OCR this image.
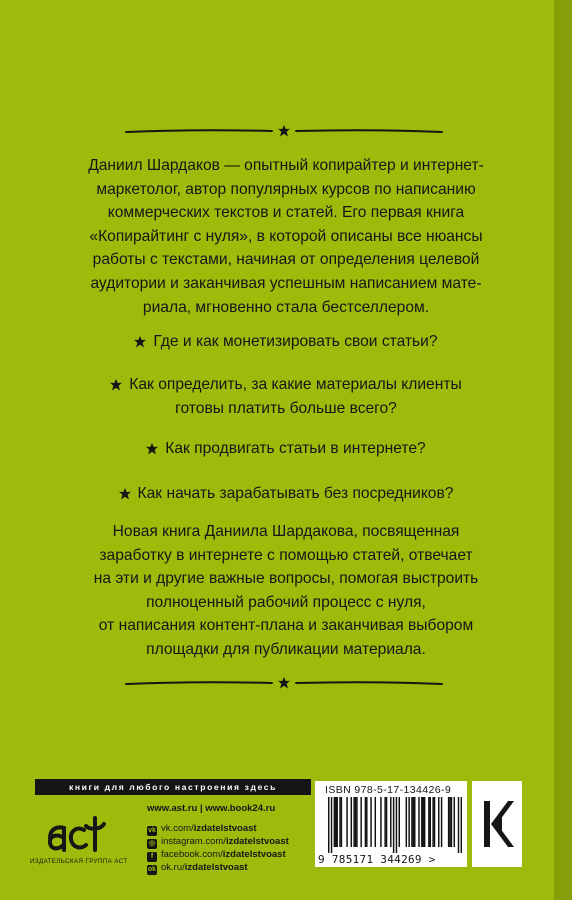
Даниил Шардаков — опытный копирайтер и интернет-
маркетолог, автор популярных курсов по написанию
коммерческих текстов и статей. Его первая книга
«Копирайтинг с нуля», в которой описаны все нюансы
работы с текстами, начиная от определения целевой
аудитории и заканчивая успешным написанием мате-
риала, мгновенно стала бестселлером.
Где и как монетизировать свои статьи?
Как определить, за какие материалы клиенты
готовы платить больше всего?
Как продвигать статьи в интернете?
Как начать зарабатывать без посредников?
Новая книга Даниила Шардакова, посвященная
заработку в интернете с помощью статей, отвечает
на эти и другие важные вопросы, помогая выстроить
полноценный рабочий процесс с нуля,
от написания контент-плана и заканчивая выбором
площадки для публикации материала.
книги для любого настроения здесь
ИЗДАТЕЛЬСКАЯ ГРУППА АСТ
www.ast.ru | www.book24.ru
vk vk.com/izdatelstvoast
◎ instagram.com/izdatelstvoast
f facebook.com/izdatelstvoast
ok ok.ru/izdatelstvoast
ISBN 978-5-17-134426-9
9 785171 344269 >
